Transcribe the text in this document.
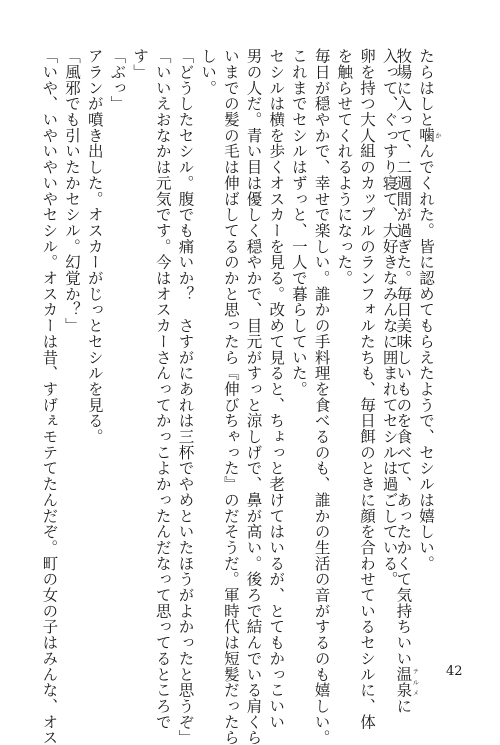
たらはしと噛 かんでくれた。皆に認めてもらえたようで、セシルは嬉しい。
牧場に入って、二週間が過ぎた。毎日美味しいものを食べて、あったかくて気持ちいい温泉 テルメに
入って、ぐっすり寝て、大好きなみんなに囲まれてセシルは過ごしている。
卵を持つ大人組のカップルのランフォルたちも、毎日餌のときに顔を合わせているセシルに、体
を触らせてくれるようになった。
毎日が穏やかで、幸せで楽しい。誰かの手料理を食べるのも、誰かの生活の音がするのも嬉しい。
これまでセシルはずっと、一人で暮らしていた。
セシルは横を歩くオスカーを見る。改めて見ると、ちょっと老けてはいるが、とてもかっこいい
男の人だ。青い目は優しく穏やかで、目元がすっと涼しげで、鼻が高い。後ろで結んでいる肩くら
いまでの髪の毛は伸ばしてるのかと思ったら『伸びちゃった』のだそうだ。軍時代は短髪だったら
しい。
「どうしたセシル。腹でも痛いか？　さすがにあれは三杯でやめといたほうがよかったと思うぞ」
「いいえおなかは元気です。今はオスカーさんってかっこよかったんだなって思ってるところで
す」
「ぶっ」
アランが噴き出した。オスカーがじっとセシルを見る。
「風邪でも引いたかセシル。幻覚か？」
「いや、いやいやいやセシル。オスカーは昔、すげぇモテてたんだぞ。町の女の子はみんな、オス	42
